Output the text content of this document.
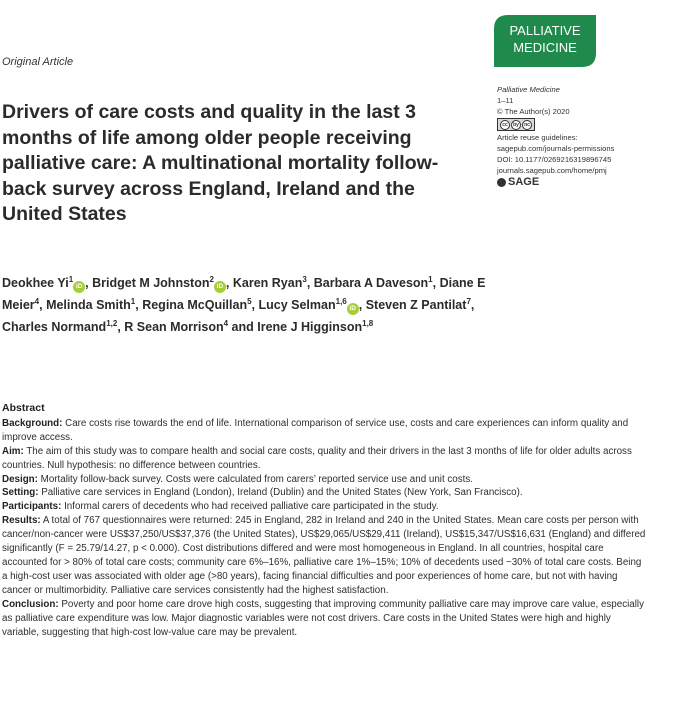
PALLIATIVE
MEDICINE
Original Article
Drivers of care costs and quality in the last 3 months of life among older people receiving palliative care: A multinational mortality follow-back survey across England, Ireland and the United States
Palliative Medicine
1–11
© The Author(s) 2020
cc	by	nc
Article reuse guidelines:
sagepub.com/journals-permissions
DOI: 10.1177/0269216319896745
journals.sagepub.com/home/pmj
SAGE
Deokhee Yi$^1$iD , Bridget M Johnston$^2$iD , Karen Ryan$^3$, Barbara A Daveson$^1$, Diane E Meier$^4$, Melinda Smith$^1$, Regina McQuillan$^5$, Lucy Selman$^{1,6}$iD , Steven Z Pantilat$^7$, Charles Normand$^{1,2}$, R Sean Morrison$^4$ and Irene J Higginson$^{1,8}$
Abstract

Background: Care costs rise towards the end of life. International comparison of service use, costs and care experiences can inform quality and improve access.

Aim: The aim of this study was to compare health and social care costs, quality and their drivers in the last 3 months of life for older adults across countries. Null hypothesis: no difference between countries.

Design: Mortality follow-back survey. Costs were calculated from carers’ reported service use and unit costs.

Setting: Palliative care services in England (London), Ireland (Dublin) and the United States (New York, San Francisco).

Participants: Informal carers of decedents who had received palliative care participated in the study.

Results: A total of 767 questionnaires were returned: 245 in England, 282 in Ireland and 240 in the United States. Mean care costs per person with cancer/non-cancer were US$37,250/US$37,376 (the United States), US$29,065/US$29,411 (Ireland), US$15,347/US$16,631 (England) and differed significantly (F = 25.79/14.27, p < 0.000). Cost distributions differed and were most homogeneous in England. In all countries, hospital care accounted for > 80% of total care costs; community care 6%–16%, palliative care 1%–15%; 10% of decedents used ~30% of total care costs. Being a high-cost user was associated with older age (>80 years), facing financial difficulties and poor experiences of home care, but not with having cancer or multimorbidity. Palliative care services consistently had the highest satisfaction.

Conclusion: Poverty and poor home care drove high costs, suggesting that improving community palliative care may improve care value, especially as palliative care expenditure was low. Major diagnostic variables were not cost drivers. Care costs in the United States were high and highly variable, suggesting that high-cost low-value care may be prevalent.
